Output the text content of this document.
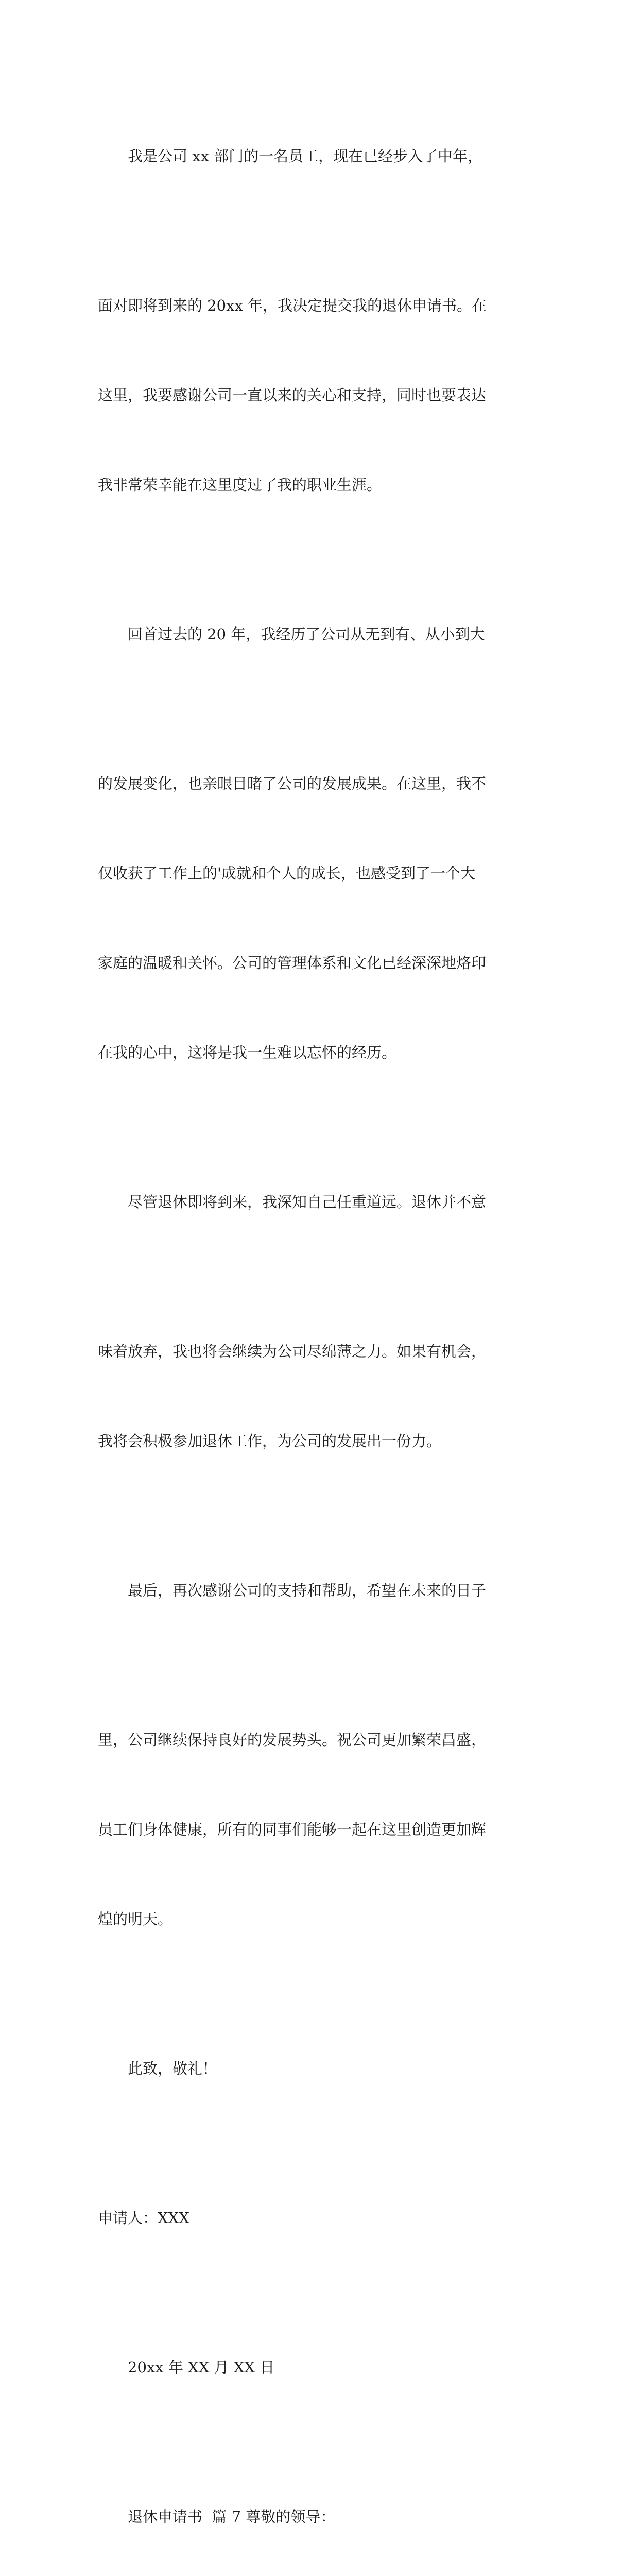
我是公司 xx 部门的一名员工，现在已经步入了中年，

面对即将到来的 20xx 年，我决定提交我的退休申请书。在

这里，我要感谢公司一直以来的关心和支持，同时也要表达

我非常荣幸能在这里度过了我的职业生涯。

回首过去的 20 年，我经历了公司从无到有、从小到大

的发展变化，也亲眼目睹了公司的发展成果。在这里，我不

仅收获了工作上的'成就和个人的成长，也感受到了一个大

家庭的温暖和关怀。公司的管理体系和文化已经深深地烙印

在我的心中，这将是我一生难以忘怀的经历。

尽管退休即将到来，我深知自己任重道远。退休并不意

味着放弃，我也将会继续为公司尽绵薄之力。如果有机会，

我将会积极参加退休工作，为公司的发展出一份力。

最后，再次感谢公司的支持和帮助，希望在未来的日子

里，公司继续保持良好的发展势头。祝公司更加繁荣昌盛，

员工们身体健康，所有的同事们能够一起在这里创造更加辉

煌的明天。

此致，敬礼！

申请人：XXX

20xx 年 XX 月 XX 日

退休申请书  篇 7 尊敬的领导：
